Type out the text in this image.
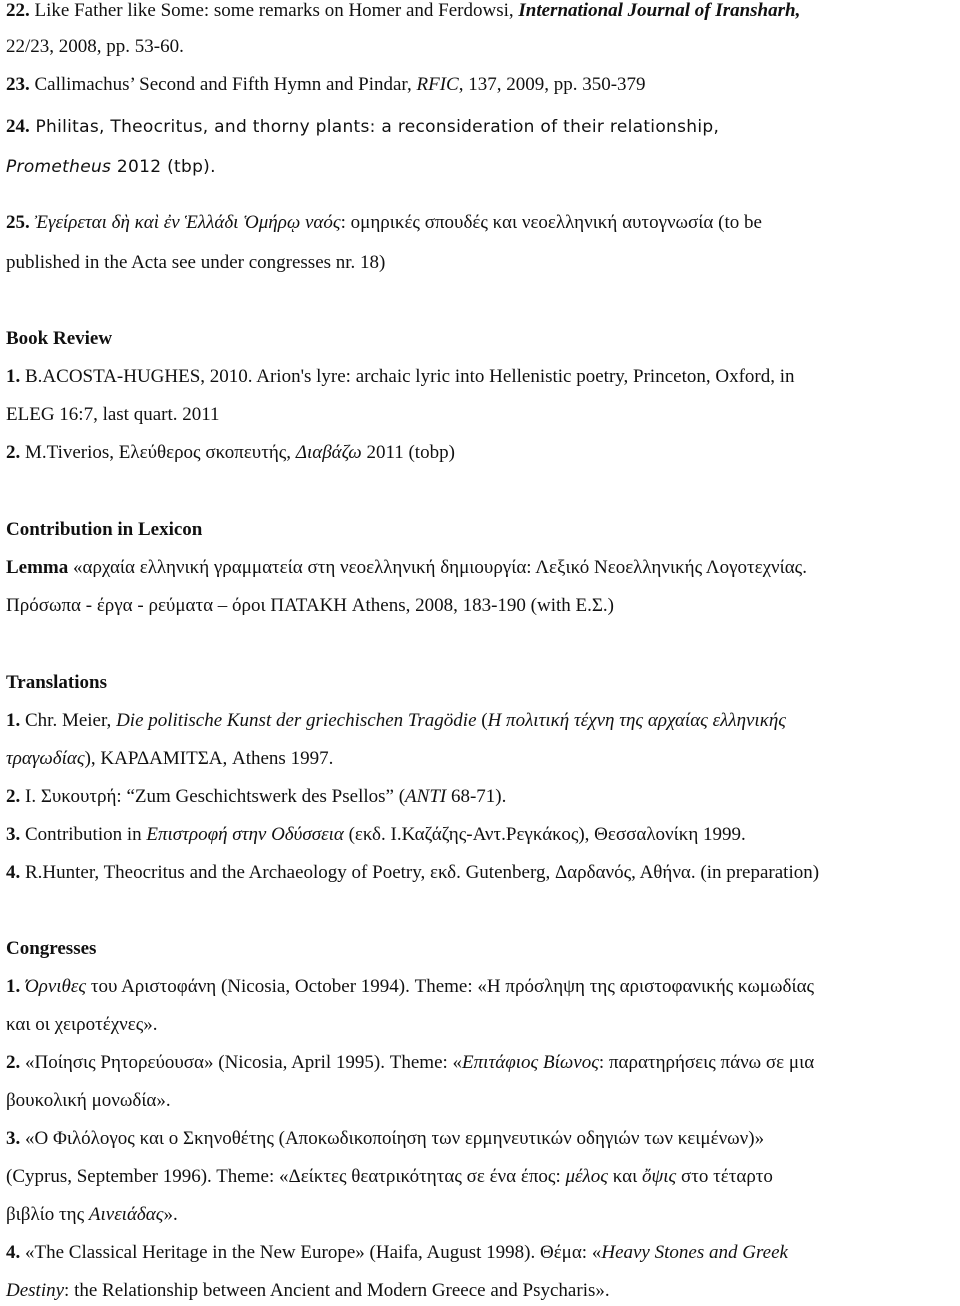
22. Like Father like Some: some remarks on Homer and Ferdowsi, International Journal of Iransharh,
22/23, 2008, pp. 53-60.
23. Callimachus’ Second and Fifth Hymn and Pindar, RFIC, 137, 2009, pp. 350-379
24. Philitas, Theocritus, and thorny plants: a reconsideration of their relationship,
Prometheus 2012 (tbp).
25. Ἐγείρεται δὴ καὶ ἐν Ἑλλάδι Ὁμήρῳ ναός: ομηρικές σπουδές και νεοελληνική αυτογνωσία (to be
published in the Acta see under congresses nr. 18)
Book Review
1. B.ACOSTA-HUGHES, 2010. Arion's lyre: archaic lyric into Hellenistic poetry, Princeton, Oxford, in
ELEG 16:7, last quart. 2011
2. M.Tiverios, Ελεύθερος σκοπευτής, Διαβάζω 2011 (tobp)
Contribution in Lexicon
Lemma «αρχαία ελληνική γραμματεία στη νεοελληνική δημιουργία: Λεξικό Νεοελληνικής Λογοτεχνίας.
Πρόσωπα - έργα - ρεύματα – όροι ΠΑΤΑΚΗ Athens, 2008, 183-190 (with Ε.Σ.)
Translations
1. Chr. Meier, Die politische Kunst der griechischen Tragödie (Η πολιτική τέχνη της αρχαίας ελληνικής
τραγωδίας), ΚΑΡΔΑΜΙΤΣΑ, Athens 1997.
2. Ι. Συκουτρή: “Zum Geschichtswerk des Psellos” (ANTI 68-71).
3. Contribution in Επιστροφή στην Οδύσσεια (εκδ. Ι.Καζάζης-Αντ.Ρεγκάκος), Θεσσαλονίκη 1999.
4. R.Hunter, Theocritus and the Archaeology of Poetry, εκδ. Gutenberg, Δαρδανός, Αθήνα. (in preparation)
Congresses
1. Όρνιθες του Αριστοφάνη (Nicosia, October 1994). Theme: «Η πρόσληψη της αριστοφανικής κωμωδίας
και οι χειροτέχνες».
2. «Ποίησις Ρητορεύουσα» (Nicosia, April 1995). Theme: «Επιτάφιος Βίωνος: παρατηρήσεις πάνω σε μια
βουκολική μονωδία».
3. «Ο Φιλόλογος και ο Σκηνοθέτης (Αποκωδικοποίηση των ερμηνευτικών οδηγιών των κειμένων)»
(Cyprus, September 1996). Theme: «Δείκτες θεατρικότητας σε ένα έπος: μέλος και ὄψις στο τέταρτο
βιβλίο της Αινειάδας».
4. «The Classical Heritage in the New Europe» (Haifa, August 1998). Θέμα: «Heavy Stones and Greek
Destiny: the Relationship between Ancient and Modern Greece and Psycharis».
